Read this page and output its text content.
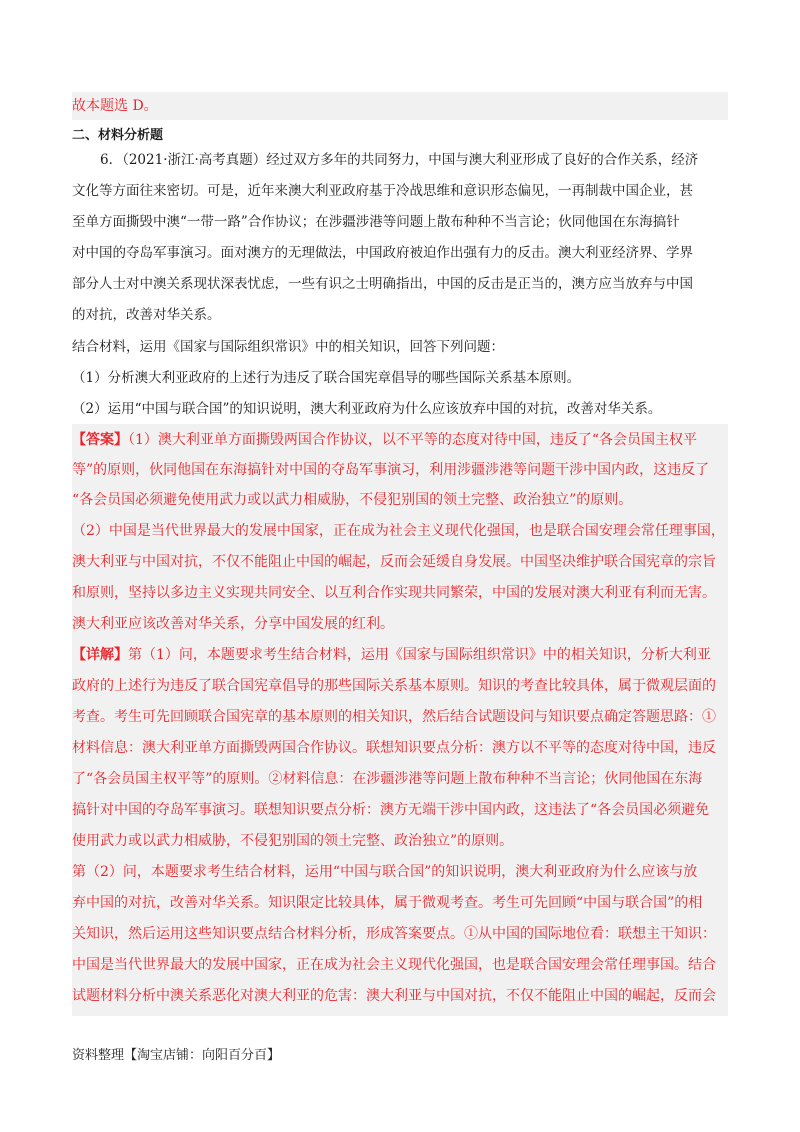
故本题选 D。
二、材料分析题
6．（2021·浙江·高考真题）经过双方多年的共同努力，中国与澳大利亚形成了良好的合作关系，经济
文化等方面往来密切。可是，近年来澳大利亚政府基于冷战思维和意识形态偏见，一再制裁中国企业，甚
至单方面撕毁中澳“一带一路”合作协议；在涉疆涉港等问题上散布种种不当言论；伙同他国在东海搞针
对中国的夺岛军事演习。面对澳方的无理做法，中国政府被迫作出强有力的反击。澳大利亚经济界、学界
部分人士对中澳关系现状深表忧虑，一些有识之士明确指出，中国的反击是正当的，澳方应当放弃与中国
的对抗，改善对华关系。
结合材料，运用《国家与国际组织常识》中的相关知识，回答下列问题：
（1）分析澳大利亚政府的上述行为违反了联合国宪章倡导的哪些国际关系基本原则。
（2）运用“中国与联合国”的知识说明，澳大利亚政府为什么应该放弃中国的对抗，改善对华关系。
【答案】（1）澳大利亚单方面撕毁两国合作协议，以不平等的态度对待中国，违反了“各会员国主权平
等”的原则，伙同他国在东海搞针对中国的夺岛军事演习，利用涉疆涉港等问题干涉中国内政，这违反了
“各会员国必须避免使用武力或以武力相威胁，不侵犯别国的领土完整、政治独立”的原则。
（2）中国是当代世界最大的发展中国家，正在成为社会主义现代化强国，也是联合国安理会常任理事国，
澳大利亚与中国对抗，不仅不能阻止中国的崛起，反而会延缓自身发展。中国坚决维护联合国宪章的宗旨
和原则，坚持以多边主义实现共同安全、以互利合作实现共同繁荣，中国的发展对澳大利亚有利而无害。
澳大利亚应该改善对华关系，分享中国发展的红利。
【详解】第（1）问，本题要求考生结合材料，运用《国家与国际组织常识》中的相关知识，分析大利亚
政府的上述行为违反了联合国宪章倡导的那些国际关系基本原则。知识的考查比较具体，属于微观层面的
考查。考生可先回顾联合国宪章的基本原则的相关知识，然后结合试题设问与知识要点确定答题思路：①
材料信息：澳大利亚单方面撕毁两国合作协议。联想知识要点分析：澳方以不平等的态度对待中国，违反
了“各会员国主权平等”的原则。②材料信息：在涉疆涉港等问题上散布种种不当言论；伙同他国在东海
搞针对中国的夺岛军事演习。联想知识要点分析：澳方无端干涉中国内政，这违法了“各会员国必须避免
使用武力或以武力相威胁，不侵犯别国的领土完整、政治独立”的原则。
第（2）问，本题要求考生结合材料，运用“中国与联合国”的知识说明，澳大利亚政府为什么应该与放
弃中国的对抗，改善对华关系。知识限定比较具体，属于微观考查。考生可先回顾“中国与联合国”的相
关知识，然后运用这些知识要点结合材料分析，形成答案要点。①从中国的国际地位看：联想主干知识：
中国是当代世界最大的发展中国家，正在成为社会主义现代化强国，也是联合国安理会常任理事国。结合
试题材料分析中澳关系恶化对澳大利亚的危害：澳大利亚与中国对抗，不仅不能阻止中国的崛起，反而会
资料整理【淘宝店铺：向阳百分百】
